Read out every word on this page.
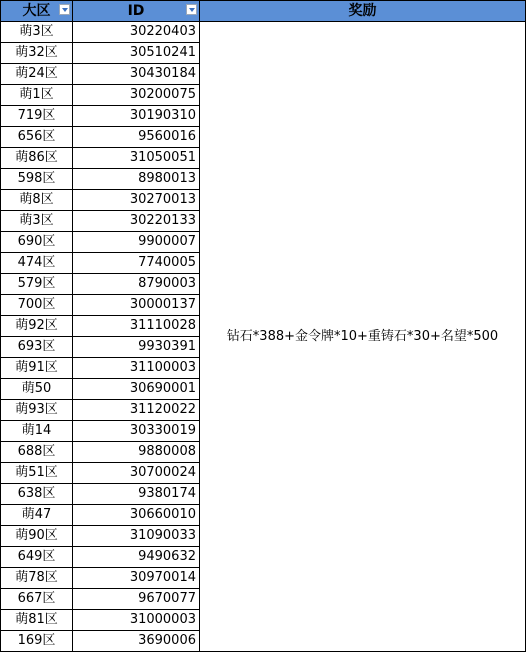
大区	ID	奖励
萌3区	30220403	钻石*388+金令牌*10+重铸石*30+名望*500
萌32区	30510241	
萌24区	30430184	
萌1区	30200075	
719区	30190310	
656区	9560016	
萌86区	31050051	
598区	8980013	
萌8区	30270013	
萌3区	30220133	
690区	9900007	
474区	7740005	
579区	8790003	
700区	30000137	
萌92区	31110028	
693区	9930391	
萌91区	31100003	
萌50	30690001	
萌93区	31120022	
萌14	30330019	
688区	9880008	
萌51区	30700024	
638区	9380174	
萌47	30660010	
萌90区	31090033	
649区	9490632	
萌78区	30970014	
667区	9670077	
萌81区	31000003	
169区	3690006	
